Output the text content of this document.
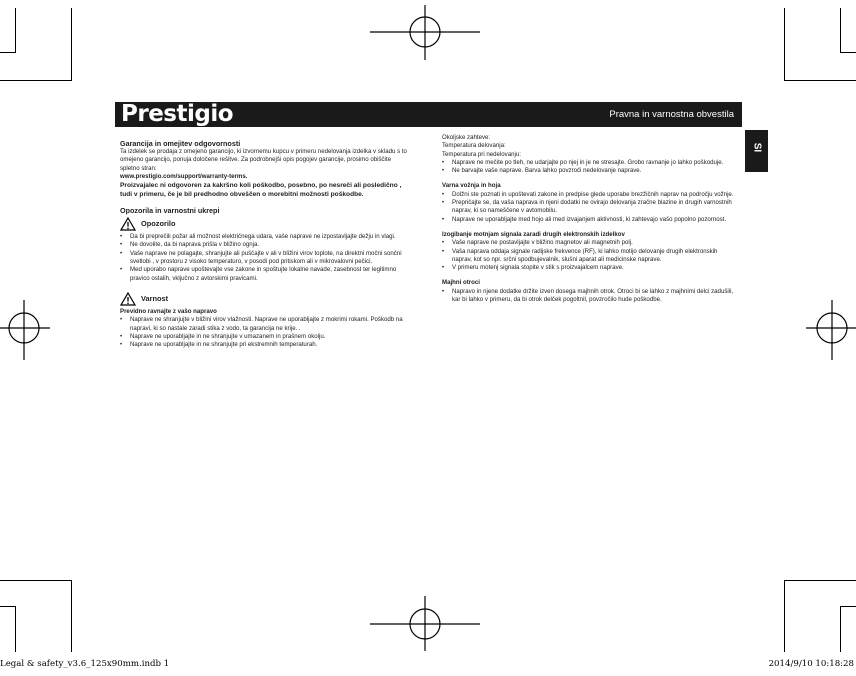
Prestigio	Pravna in varnostna obvestila
SI

Garancija in omejitev odgovornosti

Ta izdelek se prodaja z omejeno garancijo, ki izvornemu kupcu v primeru nedelovanja izdelka v skladu s to omejeno garancijo, ponuja določene rešitve. Za podrobnejši opis pogojev garancije, prosimo obiščite spletno stran:

www.prestigio.com/support/warranty-terms.

Proizvajalec ni odgovoren za kakršno koli poškodbo, posebno, po nesreči ali posledično , tudi v primeru, če je bil predhodno obveščen o morebitni možnosti poškodbe.

Opozorila in varnostni ukrepi

Opozorilo
• Da bi preprečili požar ali možnost električnega udara, vaše naprave ne izpostavljajte dežju in vlagi.
• Ne dovolite, da bi naprava prišla v bližino ognja.
• Vaše naprave ne polagajte, shranjujte ali puščajte v ali v bližini virov toplote, na direktni močni sončni svetlobi , v prostoru z visoko temperaturo, v posodi pod pritiskom ali v mikrovalovni pečici.
• Med uporabo naprave upoštevajte vse zakone in spoštujte lokalne navade, zasebnost ter legitimno pravico ostalih, vključno z avtorskimi pravicami.
Varnost

Previdno ravnajte z vašo napravo

• Naprave ne shranjujte v bližini virov vlažnosti. Naprave ne uporabljajte z mokrimi rokami. Poškodb na napravi, ki so nastale zaradi stika z vodo, ta garancija ne krije. .
• Naprave ne uporabljajte in ne shranjujte v umazanem in prašnem okolju.
• Naprave ne uporabljajte in ne shranjujte pri ekstremnih temperaturah.

Okoljske zahteve:

Temperatura delovanja:

Temperatura pri nedelovanju:

• Naprave ne mečite po tleh, ne udarjajte po njej in je ne stresajte. Grobo ravnanje jo lahko poškoduje.
• Ne barvajte vaše naprave. Barva lahko povzroči nedelovanje naprave.

Varna vožnja in hoja

• Dolžni ste poznati in upoštevati zakone in predpise glede uporabe brezžičnih naprav na področju vožnje.
• Prepričajte se, da vaša naprava in njeni dodatki ne ovirajo delovanja zračne blazine in drugih varnostnih naprav, ki so nameščene v avtomobilu.
• Naprave ne uporabljajte med hojo ali med izvajanjem aktivnosti, ki zahtevajo vašo popolno pozornost.

Izogibanje motnjam signala zaradi drugih elektronskih izdelkov

• Vaše naprave ne postavljajte v bližino magnetov ali magnetnih polj.
• Vaša naprava oddaja signale radijske frekvence (RF), ki lahko motijo delovanje drugih elektronskih naprav, kot so npr. srčni spodbujevalnik, slušni aparat ali medicinske naprave.
• V primeru motenj signala stopite v stik s proizvajalcem naprave.

Majhni otroci

• Napravo in njene dodatke držite izven dosega majhnih otrok. Otroci bi se lahko z majhnimi delci zadušili, kar bi lahko v primeru, da bi otrok delček pogoltnil, povzročilo hude poškodbe.
Legal & safety_v3.6_125x90mm.indb 1	2014/9/10 10:18:28
